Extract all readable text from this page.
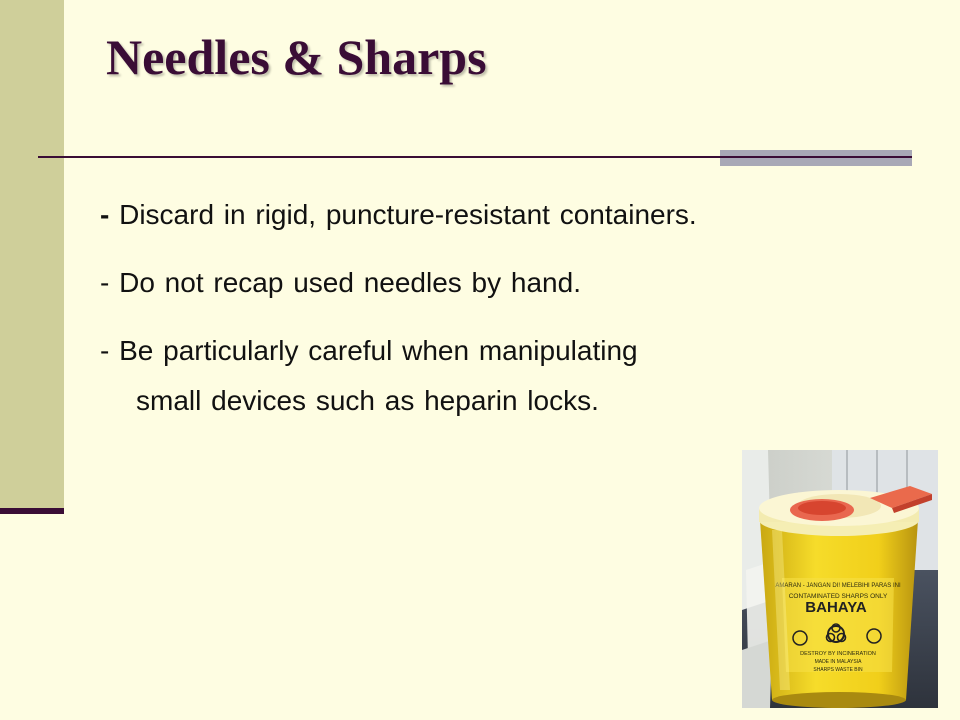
Needles & Sharps
- Discard in rigid, puncture-resistant containers.
- Do not recap used needles by hand.
- Be particularly careful when manipulating
small devices such as heparin locks.
AMARAN - JANGAN DI! MELEBIHI PARAS INI
CONTAMINATED SHARPS ONLY
BAHAYA
DESTROY BY INCINERATION
MADE IN MALAYSIA
SHARPS WASTE BIN
